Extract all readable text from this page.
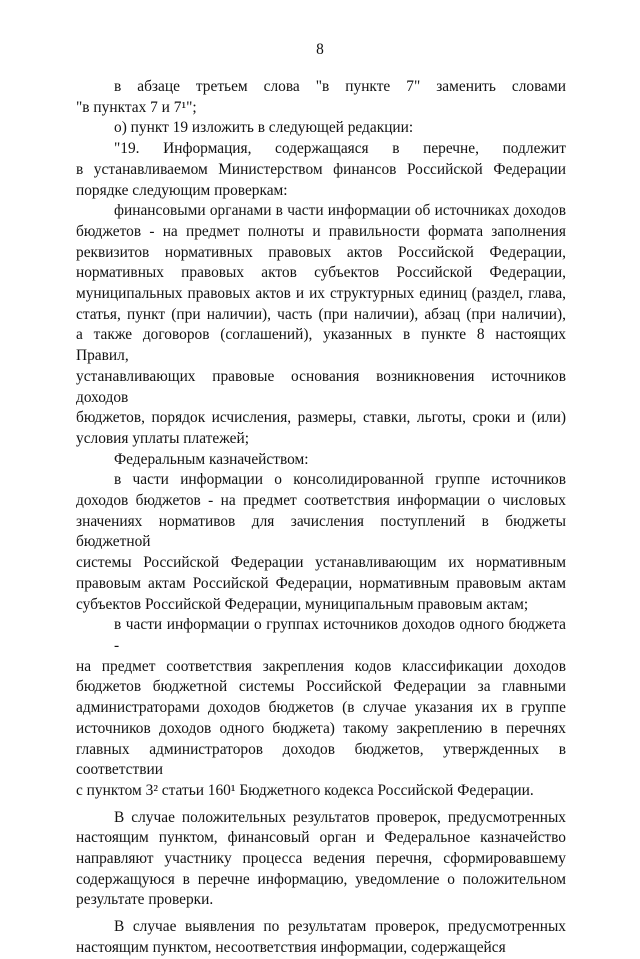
8
в абзаце третьем слова "в пункте 7" заменить словами
"в пунктах 7 и 7¹";
о) пункт 19 изложить в следующей редакции:
"19. Информация, содержащаяся в перечне, подлежит
в устанавливаемом Министерством финансов Российской Федерации
порядке следующим проверкам:
финансовыми органами в части информации об источниках доходов
бюджетов - на предмет полноты и правильности формата заполнения
реквизитов нормативных правовых актов Российской Федерации,
нормативных правовых актов субъектов Российской Федерации,
муниципальных правовых актов и их структурных единиц (раздел, глава,
статья, пункт (при наличии), часть (при наличии), абзац (при наличии),
а также договоров (соглашений), указанных в пункте 8 настоящих Правил,
устанавливающих правовые основания возникновения источников доходов
бюджетов, порядок исчисления, размеры, ставки, льготы, сроки и (или)
условия уплаты платежей;
Федеральным казначейством:
в части информации о консолидированной группе источников
доходов бюджетов - на предмет соответствия информации о числовых
значениях нормативов для зачисления поступлений в бюджеты бюджетной
системы Российской Федерации устанавливающим их нормативным
правовым актам Российской Федерации, нормативным правовым актам
субъектов Российской Федерации, муниципальным правовым актам;
в части информации о группах источников доходов одного бюджета -
на предмет соответствия закрепления кодов классификации доходов
бюджетов бюджетной системы Российской Федерации за главными
администраторами доходов бюджетов (в случае указания их в группе
источников доходов одного бюджета) такому закреплению в перечнях
главных администраторов доходов бюджетов, утвержденных в соответствии
с пунктом 3² статьи 160¹ Бюджетного кодекса Российской Федерации.
В случае положительных результатов проверок, предусмотренных
настоящим пунктом, финансовый орган и Федеральное казначейство
направляют участнику процесса ведения перечня, сформировавшему
содержащуюся в перечне информацию, уведомление о положительном
результате проверки.
В случае выявления по результатам проверок, предусмотренных
настоящим пунктом, несоответствия информации, содержащейся
